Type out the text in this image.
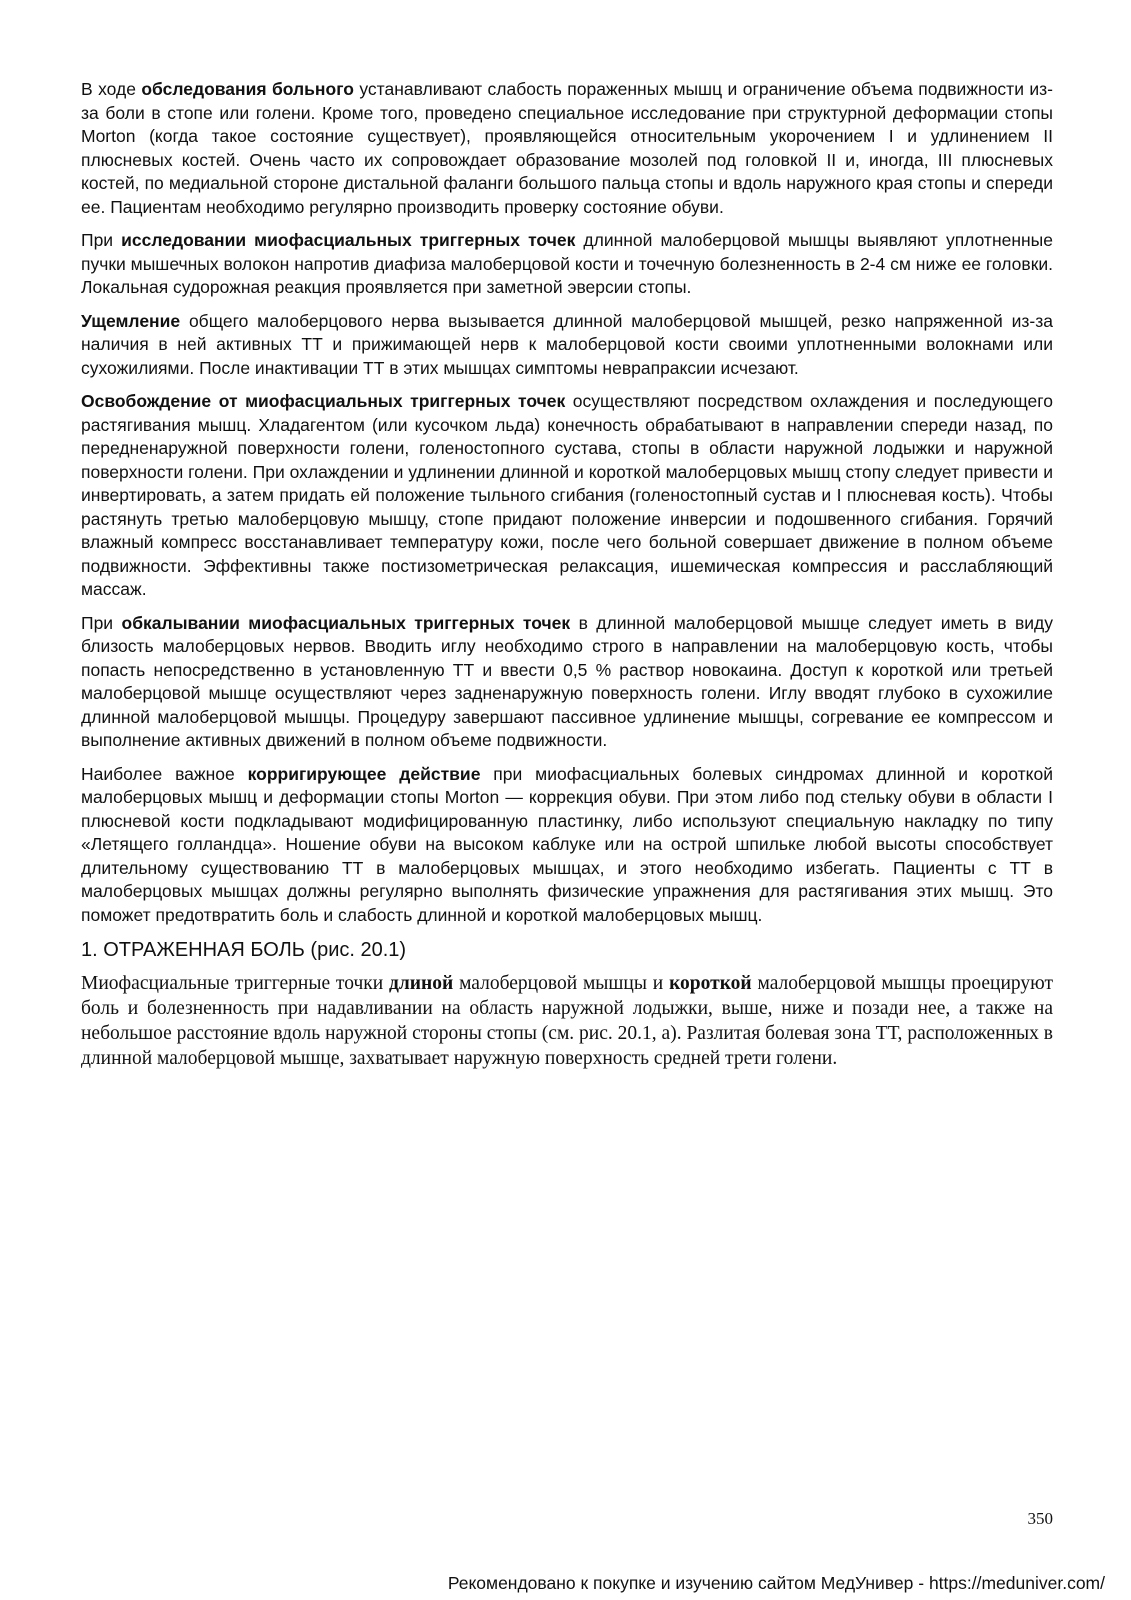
В ходе обследования больного устанавливают слабость пораженных мышц и ограничение объема подвижности из-за боли в стопе или голени. Кроме того, проведено специальное исследование при структурной деформации стопы Morton (когда такое состояние существует), проявляющейся относительным укорочением I и удлинением II плюсневых костей. Очень часто их сопровождает образование мозолей под головкой II и, иногда, III плюсневых костей, по медиальной стороне дистальной фаланги большого пальца стопы и вдоль наружного края стопы и спереди ее. Пациентам необходимо регулярно производить проверку состояние обуви.

При исследовании миофасциальных триггерных точек длинной малоберцовой мышцы выявляют уплотненные пучки мышечных волокон напротив диафиза малоберцовой кости и точечную болезненность в 2-4 см ниже ее головки. Локальная судорожная реакция проявляется при заметной эверсии стопы.

Ущемление общего малоберцового нерва вызывается длинной малоберцовой мышцей, резко напряженной из-за наличия в ней активных ТТ и прижимающей нерв к малоберцовой кости своими уплотненными волокнами или сухожилиями. После инактивации ТТ в этих мышцах симптомы неврапраксии исчезают.

Освобождение от миофасциальных триггерных точек осуществляют посредством охлаждения и последующего растягивания мышц. Хладагентом (или кусочком льда) конечность обрабатывают в направлении спереди назад, по передненаружной поверхности голени, голеностопного сустава, стопы в области наружной лодыжки и наружной поверхности голени. При охлаждении и удлинении длинной и короткой малоберцовых мышц стопу следует привести и инвертировать, а затем придать ей положение тыльного сгибания (голеностопный сустав и I плюсневая кость). Чтобы растянуть третью малоберцовую мышцу, стопе придают положение инверсии и подошвенного сгибания. Горячий влажный компресс восстанавливает температуру кожи, после чего больной совершает движение в полном объеме подвижности. Эффективны также постизометрическая релаксация, ишемическая компрессия и расслабляющий массаж.

При обкалывании миофасциальных триггерных точек в длинной малоберцовой мышце следует иметь в виду близость малоберцовых нервов. Вводить иглу необходимо строго в направлении на малоберцовую кость, чтобы попасть непосредственно в установленную ТТ и ввести 0,5 % раствор новокаина. Доступ к короткой или третьей малоберцовой мышце осуществляют через задненаружную поверхность голени. Иглу вводят глубоко в сухожилие длинной малоберцовой мышцы. Процедуру завершают пассивное удлинение мышцы, согревание ее компрессом и выполнение активных движений в полном объеме подвижности.

Наиболее важное корригирующее действие при миофасциальных болевых синдромах длинной и короткой малоберцовых мышц и деформации стопы Morton — коррекция обуви. При этом либо под стельку обуви в области I плюсневой кости подкладывают модифицированную пластинку, либо используют специальную накладку по типу «Летящего голландца». Ношение обуви на высоком каблуке или на острой шпильке любой высоты способствует длительному существованию ТТ в малоберцовых мышцах, и этого необходимо избегать. Пациенты с ТТ в малоберцовых мышцах должны регулярно выполнять физические упражнения для растягивания этих мышц. Это поможет предотвратить боль и слабость длинной и короткой малоберцовых мышц.

1. ОТРАЖЕННАЯ БОЛЬ (рис. 20.1)

Миофасциальные триггерные точки длиной малоберцовой мышцы и короткой малоберцовой мышцы проецируют боль и болезненность при надавливании на область наружной лодыжки, выше, ниже и позади нее, а также на небольшое расстояние вдоль наружной стороны стопы (см. рис. 20.1, а). Разлитая болевая зона ТТ, расположенных в длинной малоберцовой мышце, захватывает наружную поверхность средней трети голени.

350
Рекомендовано к покупке и изучению сайтом МедУнивер - https://meduniver.com/
